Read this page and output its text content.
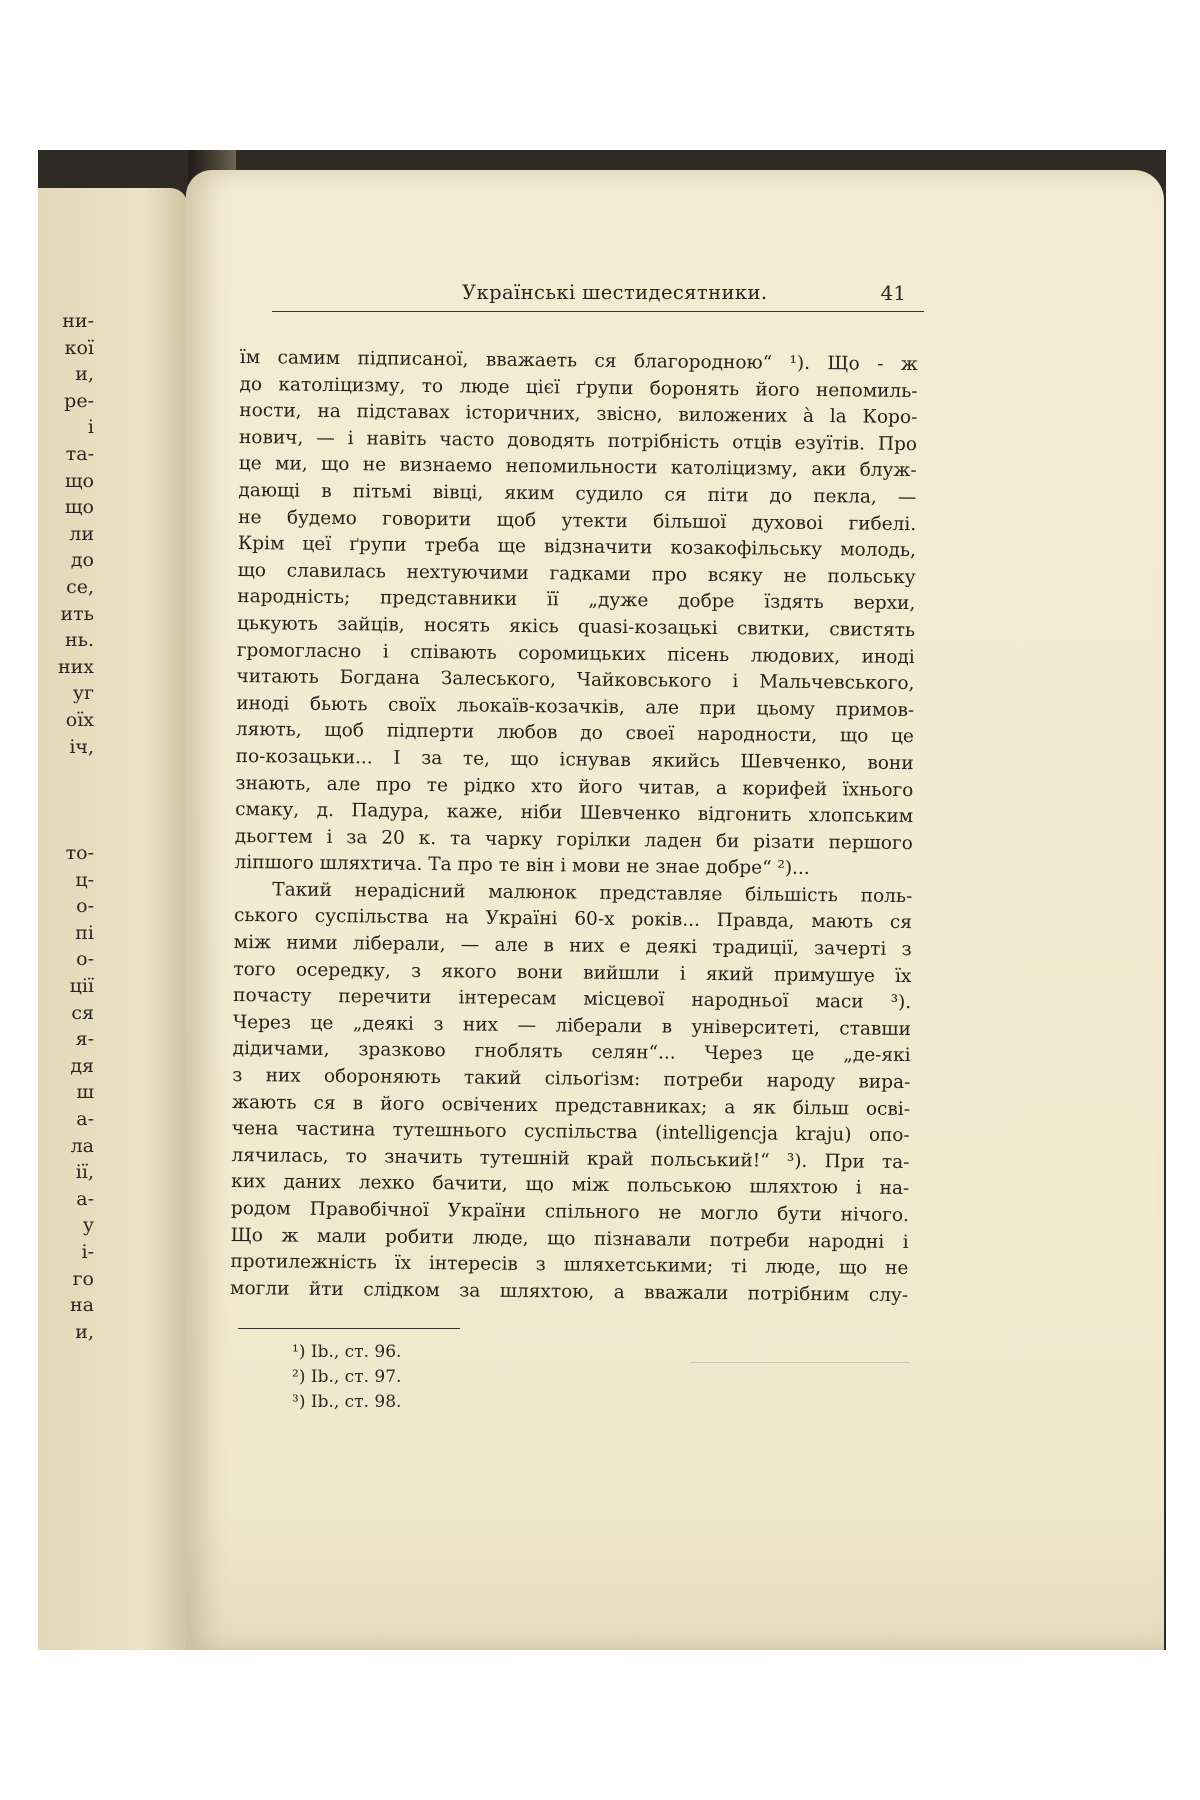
ни-
кої
и,
ре-
і
та-
що
що
ли
до
се,
ить
нь.
них
уг
оїх
іч,
то-
ц-
о-
пі
о-
ції
ся
я-
дя
ш
а-
ла
ії,
а-
у
і-
го
на
и,
Українські шестидесятники.	41
їм самим підписаної, вважаеть ся благородною“ ¹). Що - ж
до католіцизму, то люде цієї ґрупи боронять його непомиль-
ности, на підставах історичних, звісно, виложених à la Коро-
нович, — і навіть часто доводять потрібність отців езуїтів. Про
це ми, що не визнаемо непомильности католіцизму, аки блуж-
дающі в пітьмі вівці, яким судило ся піти до пекла, —
не будемо говорити щоб утекти більшої духовоі гибелі.
Крім цеї ґрупи треба ще відзначити козакофільську молодь,
що славилась нехтуючими гадками про всяку не польську
народність; представники її „дуже добре їздять верхи,
цькують зайців, носять якісь quasi-козацькі свитки, свистять
громогласно і співають соромицьких пісень людових, иноді
читають Богдана Залеського, Чайковського і Мальчевського,
иноді бьють своїх льокаїв-козачків, але при цьому примов-
ляють, щоб підперти любов до своеї народности, що це
по-козацьки... І за те, що існував якийсь Шевченко, вони
знають, але про те рідко хто його читав, а корифей їхнього
смаку, д. Падура, каже, ніби Шевченко відгонить хлопським
дьогтем і за 20 к. та чарку горілки ладен би різати першого
ліпшого шляхтича. Та про те він і мови не знае добре“ ²)...
Такий нерадісний малюнок представляе більшість поль-
ського суспільства на Україні 60-х років... Правда, мають ся
між ними ліберали, — але в них е деякі традиції, зачерті з
того осередку, з якого вони вийшли і який примушуе їх
почасту перечити інтересам місцевої народньої маси ³).
Через це „деякі з них — ліберали в університеті, ставши
дідичами, зразково гноблять селян“... Через це „де-які
з них обороняють такий сільоґізм: потреби народу вира-
жають ся в його освічених представниках; а як більш осві-
чена частина тутешнього суспільства (intelligencja kraju) опо-
лячилась, то значить тутешній край польський!“ ³). При та-
ких даних лехко бачити, що між польською шляхтою і на-
родом Правобічної України спільного не могло бути нічого.
Що ж мали робити люде, що пізнавали потреби народні і
протилежність їх інтересів з шляхетськими; ті люде, що не
могли йти слідком за шляхтою, а вважали потрібним слу-
¹) Ib., ст. 96.
²) Ib., ст. 97.
³) Ib., ст. 98.
